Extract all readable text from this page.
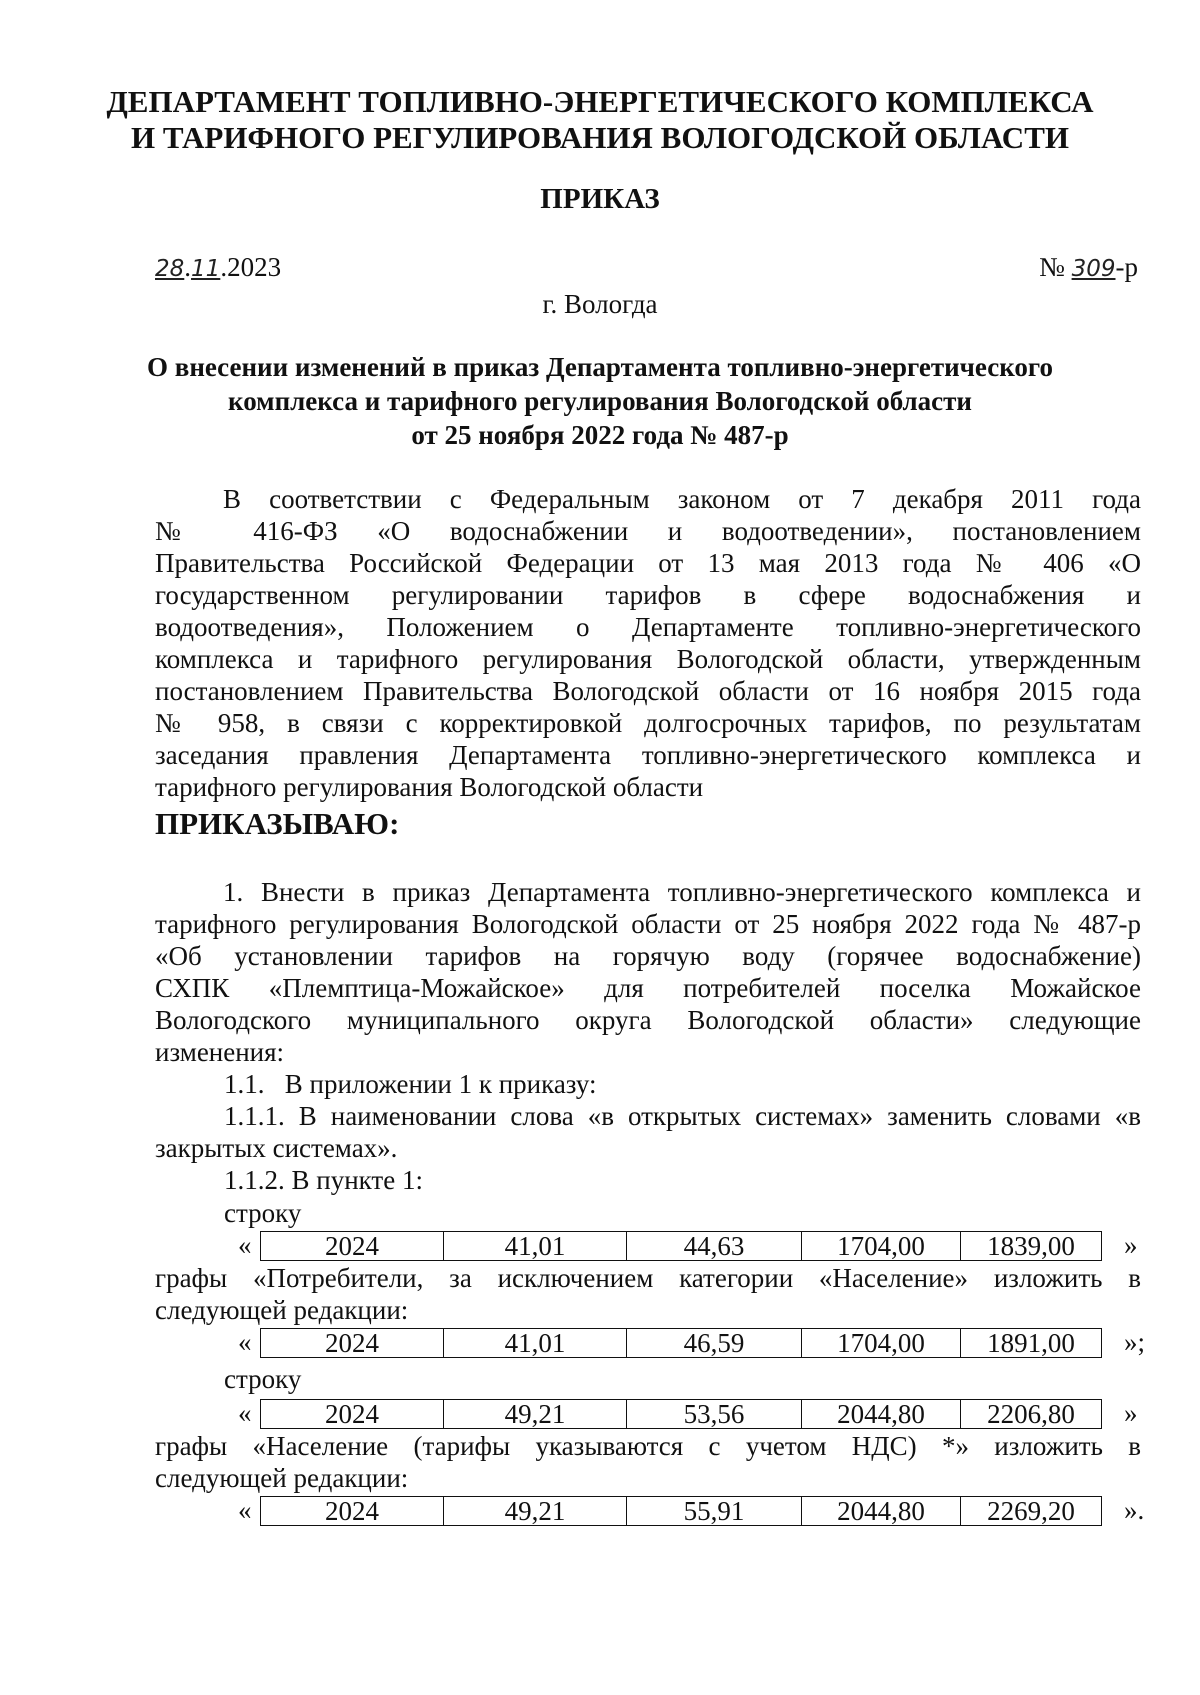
ДЕПАРТАМЕНТ ТОПЛИВНО-ЭНЕРГЕТИЧЕСКОГО КОМПЛЕКСА
И ТАРИФНОГО РЕГУЛИРОВАНИЯ ВОЛОГОДСКОЙ ОБЛАСТИ
ПРИКАЗ
28.11.2023	№ 309-р
г. Вологда
О внесении изменений в приказ Департамента топливно-энергетического
комплекса и тарифного регулирования Вологодской области
от 25 ноября 2022 года № 487-р
В соответствии с Федеральным законом от 7 декабря 2011 года
№ 416-ФЗ «О водоснабжении и водоотведении», постановлением
Правительства Российской Федерации от 13 мая 2013 года № 406 «О
государственном регулировании тарифов в сфере водоснабжения и
водоотведения», Положением о Департаменте топливно-энергетического
комплекса и тарифного регулирования Вологодской области, утвержденным
постановлением Правительства Вологодской области от 16 ноября 2015 года
№ 958, в связи с корректировкой долгосрочных тарифов, по результатам
заседания правления Департамента топливно-энергетического комплекса и
тарифного регулирования Вологодской области
ПРИКАЗЫВАЮ:
1. Внести в приказ Департамента топливно-энергетического комплекса и
тарифного регулирования Вологодской области от 25 ноября 2022 года № 487-р
«Об установлении тарифов на горячую воду (горячее водоснабжение)
СХПК «Племптица-Можайское» для потребителей поселка Можайское
Вологодского муниципального округа Вологодской области» следующие
изменения:
1.1.   В приложении 1 к приказу:
1.1.1. В наименовании слова «в открытых системах» заменить словами «в
закрытых системах».
1.1.2. В пункте 1:
строку
«	2024	41,01	44,63	1704,00	1839,00 »
графы «Потребители, за исключением категории «Население» изложить в
следующей редакции:
«	2024	41,01	46,59	1704,00	1891,00 »;
строку
«	2024	49,21	53,56	2044,80	2206,80 »
графы «Население (тарифы указываются с учетом НДС) *» изложить в
следующей редакции:
«	2024	49,21	55,91	2044,80	2269,20 ».
